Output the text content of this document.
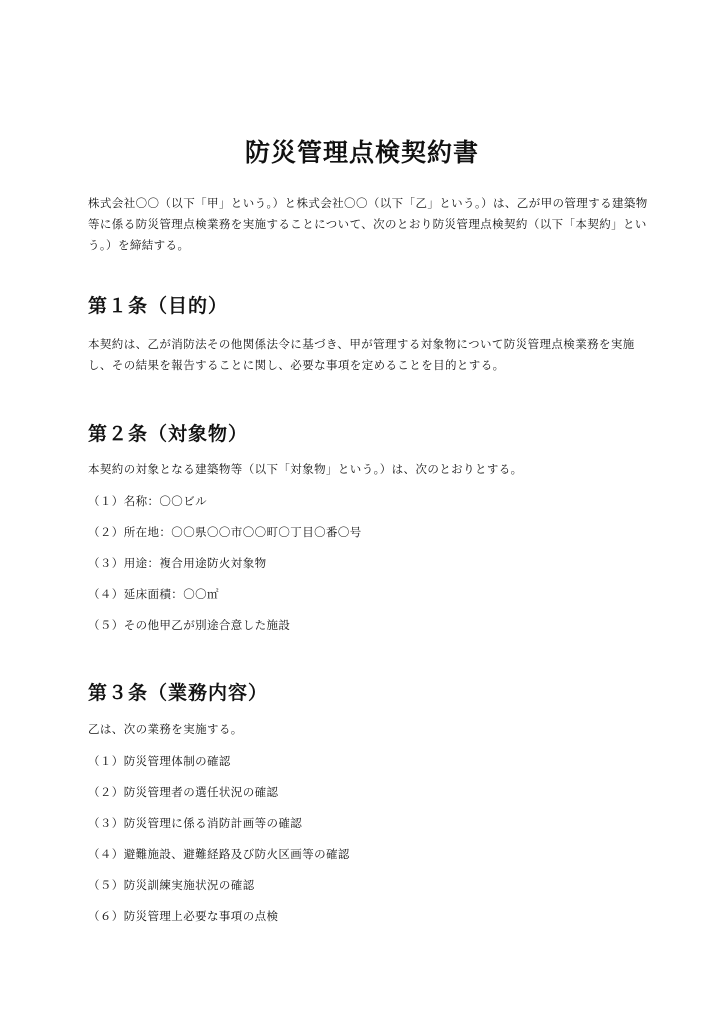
防災管理点検契約書

株式会社〇〇（以下「甲」という。）と株式会社〇〇（以下「乙」という。）は、乙が甲の管理する建築物等に係る防災管理点検業務を実施することについて、次のとおり防災管理点検契約（以下「本契約」という。）を締結する。

第１条（目的）

本契約は、乙が消防法その他関係法令に基づき、甲が管理する対象物について防災管理点検業務を実施し、その結果を報告することに関し、必要な事項を定めることを目的とする。

第２条（対象物）

本契約の対象となる建築物等（以下「対象物」という。）は、次のとおりとする。

（１）名称：〇〇ビル
（２）所在地：〇〇県〇〇市〇〇町〇丁目〇番〇号
（３）用途：複合用途防火対象物
（４）延床面積：〇〇㎡
（５）その他甲乙が別途合意した施設
第３条（業務内容）

乙は、次の業務を実施する。

（１）防災管理体制の確認
（２）防災管理者の選任状況の確認
（３）防災管理に係る消防計画等の確認
（４）避難施設、避難経路及び防火区画等の確認
（５）防災訓練実施状況の確認
（６）防災管理上必要な事項の点検
